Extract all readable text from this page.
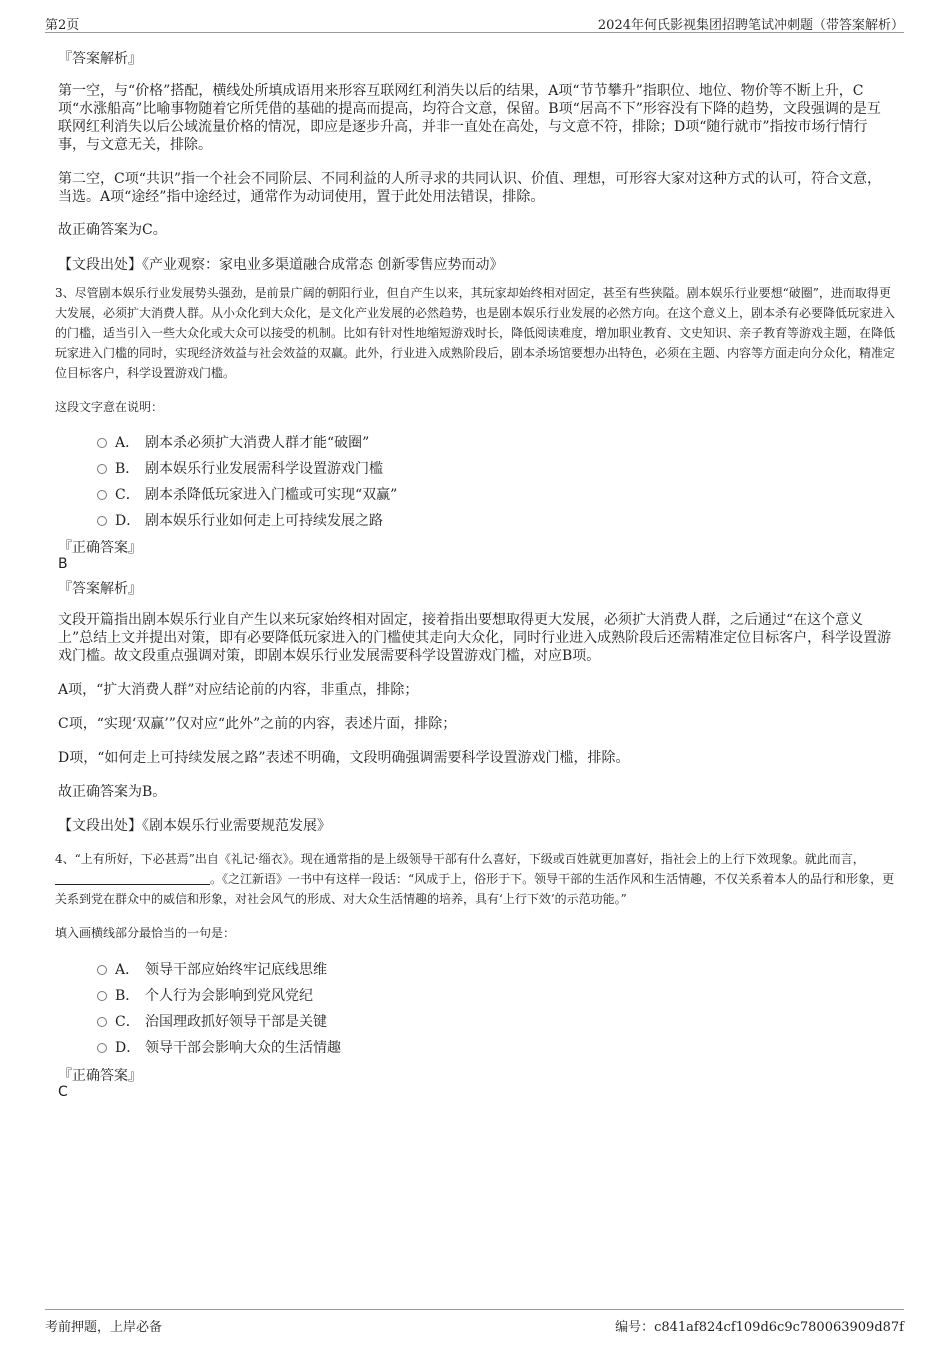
第2页	2024年何氏影视集团招聘笔试冲刺题（带答案解析）
『答案解析』

第一空，与“价格”搭配，横线处所填成语用来形容互联网红利消失以后的结果，A项“节节攀升”指职位、地位、物价等不断上升，C项“水涨船高”比喻事物随着它所凭借的基础的提高而提高，均符合文意，保留。B项“居高不下”形容没有下降的趋势，文段强调的是互联网红利消失以后公域流量价格的情况，即应是逐步升高，并非一直处在高处，与文意不符，排除；D项“随行就市”指按市场行情行事，与文意无关，排除。

第二空，C项“共识”指一个社会不同阶层、不同利益的人所寻求的共同认识、价值、理想，可形容大家对这种方式的认可，符合文意，当选。A项“途经”指中途经过，通常作为动词使用，置于此处用法错误，排除。

故正确答案为C。

【文段出处】《产业观察：家电业多渠道融合成常态 创新零售应势而动》

3、尽管剧本娱乐行业发展势头强劲，是前景广阔的朝阳行业，但自产生以来，其玩家却始终相对固定，甚至有些狭隘。剧本娱乐行业要想“破圈”，进而取得更大发展，必须扩大消费人群。从小众化到大众化，是文化产业发展的必然趋势，也是剧本娱乐行业发展的必然方向。在这个意义上，剧本杀有必要降低玩家进入的门槛，适当引入一些大众化或大众可以接受的机制。比如有针对性地缩短游戏时长，降低阅读难度，增加职业教育、文史知识、亲子教育等游戏主题，在降低玩家进入门槛的同时，实现经济效益与社会效益的双赢。此外，行业进入成熟阶段后，剧本杀场馆要想办出特色，必须在主题、内容等方面走向分众化，精准定位目标客户，科学设置游戏门槛。

这段文字意在说明：

A． 剧本杀必须扩大消费人群才能“破圈”
B． 剧本娱乐行业发展需科学设置游戏门槛
C． 剧本杀降低玩家进入门槛或可实现“双赢”
D． 剧本娱乐行业如何走上可持续发展之路
『正确答案』
B
『答案解析』

文段开篇指出剧本娱乐行业自产生以来玩家始终相对固定，接着指出要想取得更大发展，必须扩大消费人群，之后通过“在这个意义上”总结上文并提出对策，即有必要降低玩家进入的门槛使其走向大众化，同时行业进入成熟阶段后还需精准定位目标客户，科学设置游戏门槛。故文段重点强调对策，即剧本娱乐行业发展需要科学设置游戏门槛，对应B项。

A项，“扩大消费人群”对应结论前的内容，非重点，排除；

C项，“实现‘双赢’”仅对应“此外”之前的内容，表述片面，排除；

D项，“如何走上可持续发展之路”表述不明确，文段明确强调需要科学设置游戏门槛，排除。

故正确答案为B。

【文段出处】《剧本娱乐行业需要规范发展》

4、“上有所好，下必甚焉”出自《礼记·缁衣》。现在通常指的是上级领导干部有什么喜好，下级或百姓就更加喜好，指社会上的上行下效现象。就此而言，。《之江新语》一书中有这样一段话：“风成于上，俗形于下。领导干部的生活作风和生活情趣，不仅关系着本人的品行和形象，更关系到党在群众中的威信和形象，对社会风气的形成、对大众生活情趣的培养，具有‘上行下效’的示范功能。”

填入画横线部分最恰当的一句是：

A． 领导干部应始终牢记底线思维
B． 个人行为会影响到党风党纪
C． 治国理政抓好领导干部是关键
D． 领导干部会影响大众的生活情趣
『正确答案』
C
考前押题，上岸必备	编号：c841af824cf109d6c9c780063909d87f
